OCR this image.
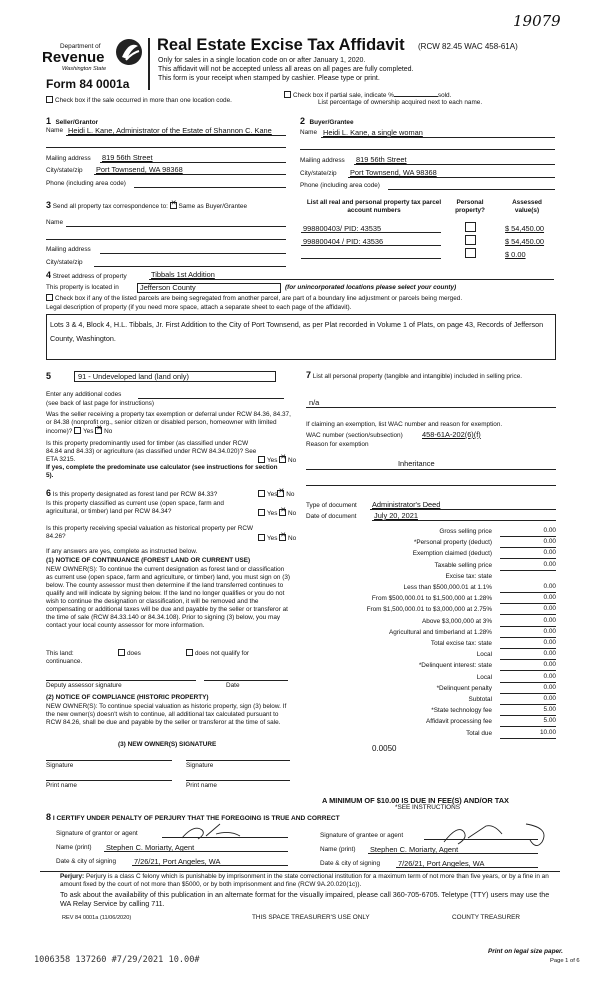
19079
Department of
Revenue
Washington State
Form 84 0001a
Real Estate Excise Tax Affidavit (RCW 82.45 WAC 458-61A)
Only for sales in a single location code on or after January 1, 2020.
This affidavit will not be accepted unless all areas on all pages are fully completed.
This form is your receipt when stamped by cashier. Please type or print.
Check box if the sale occurred in more than one location code.
Check box if partial sale, indicate %	sold.
List percentage of ownership acquired next to each name.
1 Seller/Grantor
Name Heidi L. Kane, Administrator of the Estate of Shannon C. Kane
Mailing address 819 56th Street
City/state/zip Port Townsend, WA 98368
Phone (including area code)
2 Buyer/Grantee
Name Heidi L. Kane, a single woman
Mailing address 819 56th Street
City/state/zip Port Townsend, WA 98368
Phone (including area code)
3 Send all property tax correspondence to: ✕ Same as Buyer/Grantee
Name
Mailing address
City/state/zip
List all real and personal property tax parcel account numbers
Personal property?
Assessed value(s)
998800403/ PID: 43535	$ 54,450.00
998800404 / PID: 43536	$ 54,450.00
$ 0.00
4 Street address of property	Tibbals 1st Addition
This property is located in	Jefferson County	(for unincorporated locations please select your county)
Check box if any of the listed parcels are being segregated from another parcel, are part of a boundary line adjustment or parcels being merged.
Legal description of property (if you need more space, attach a separate sheet to each page of the affidavit).
Lots 3 & 4, Block 4, H.L. Tibbals, Jr. First Addition to the City of Port Townsend, as per Plat recorded in Volume 1 of Plats, on page 43, Records of Jefferson County, Washington.
5	91 - Undeveloped land (land only)
Enter any additional codes
(see back of last page for instructions)
Was the seller receiving a property tax exemption or deferral under RCW 84.36, 84.37, or 84.38 (nonprofit org., senior citizen or disabled person, homeowner with limited income)? Yes ✕ No
Is this property predominantly used for timber (as classified under RCW 84.84 and 84.33) or agriculture (as classified under RCW 84.34.020)? See ETA 3215.	Yes ✕ No
If yes, complete the predominate use calculator (see instructions for section 5).
6 Is this property designated as forest land per RCW 84.33?	Yes ✕ No
Is this property classified as current use (open space, farm and agricultural, or timber) land per RCW 84.34?	Yes ✕ No
Is this property receiving special valuation as historical property per RCW 84.26?	Yes ✕ No
If any answers are yes, complete as instructed below.
(1) NOTICE OF CONTINUANCE (FOREST LAND OR CURRENT USE)
NEW OWNER(S): To continue the current designation as forest land or classification as current use (open space, farm and agriculture, or timber) land, you must sign on (3) below. The county assessor must then determine if the land transferred continues to qualify and will indicate by signing below. If the land no longer qualifies or you do not wish to continue the designation or classification, it will be removed and the compensating or additional taxes will be due and payable by the seller or transferor at the time of sale (RCW 84.33.140 or 84.34.108). Prior to signing (3) below, you may contact your local county assessor for more information.
This land:	does	does not qualify for
continuance.
Deputy assessor signature	Date
(2) NOTICE OF COMPLIANCE (HISTORIC PROPERTY)
NEW OWNER(S): To continue special valuation as historic property, sign (3) below. If the new owner(s) doesn't wish to continue, all additional tax calculated pursuant to RCW 84.26, shall be due and payable by the seller or transferor at the time of sale.
(3) NEW OWNER(S) SIGNATURE
Signature	Signature
Print name	Print name
7 List all personal property (tangible and intangible) included in selling price.
n/a
If claiming an exemption, list WAC number and reason for exemption.
WAC number (section/subsection)	458-61A-202(6)(f)
Reason for exemption
Inheritance
Type of document Administrator's Deed
Date of document July 20, 2021
Gross selling price	0.00
*Personal property (deduct)	0.00
Exemption claimed (deduct)	0.00
Taxable selling price	0.00
Excise tax: state
Less than $500,000.01 at 1.1%	0.00
From $500,000.01 to $1,500,000 at 1.28%	0.00
From $1,500,000.01 to $3,000,000 at 2.75%	0.00
Above $3,000,000 at 3%	0.00
Agricultural and timberland at 1.28%	0.00
Total excise tax: state	0.00
Local	0.00
*Delinquent interest: state	0.00
Local	0.00
*Delinquent penalty	0.00
Subtotal	0.00
*State technology fee	5.00
Affidavit processing fee	5.00
Total due	10.00
0.0050
A MINIMUM OF $10.00 IS DUE IN FEE(S) AND/OR TAX
*SEE INSTRUCTIONS
8 I CERTIFY UNDER PENALTY OF PERJURY THAT THE FOREGOING IS TRUE AND CORRECT
Signature of grantor or agent
Name (print) Stephen C. Moriarty, Agent
Date & city of signing 7/26/21, Port Angeles, WA
Signature of grantee or agent
Name (print) Stephen C. Moriarty, Agent
Date & city of signing 7/26/21, Port Angeles, WA
Perjury: Perjury is a class C felony which is punishable by imprisonment in the state correctional institution for a maximum term of not more than five years, or by a fine in an amount fixed by the court of not more than $5000, or by both imprisonment and fine (RCW 9A.20.020(1c)).
To ask about the availability of this publication in an alternate format for the visually impaired, please call 360-705-6705. Teletype (TTY) users may use the WA Relay Service by calling 711.
REV 84 0001a (11/06/2020)	THIS SPACE TREASURER'S USE ONLY	COUNTY TREASURER
Print on legal size paper.
Page 1 of 6
1006358 137260 #7/29/2021 10.00#
